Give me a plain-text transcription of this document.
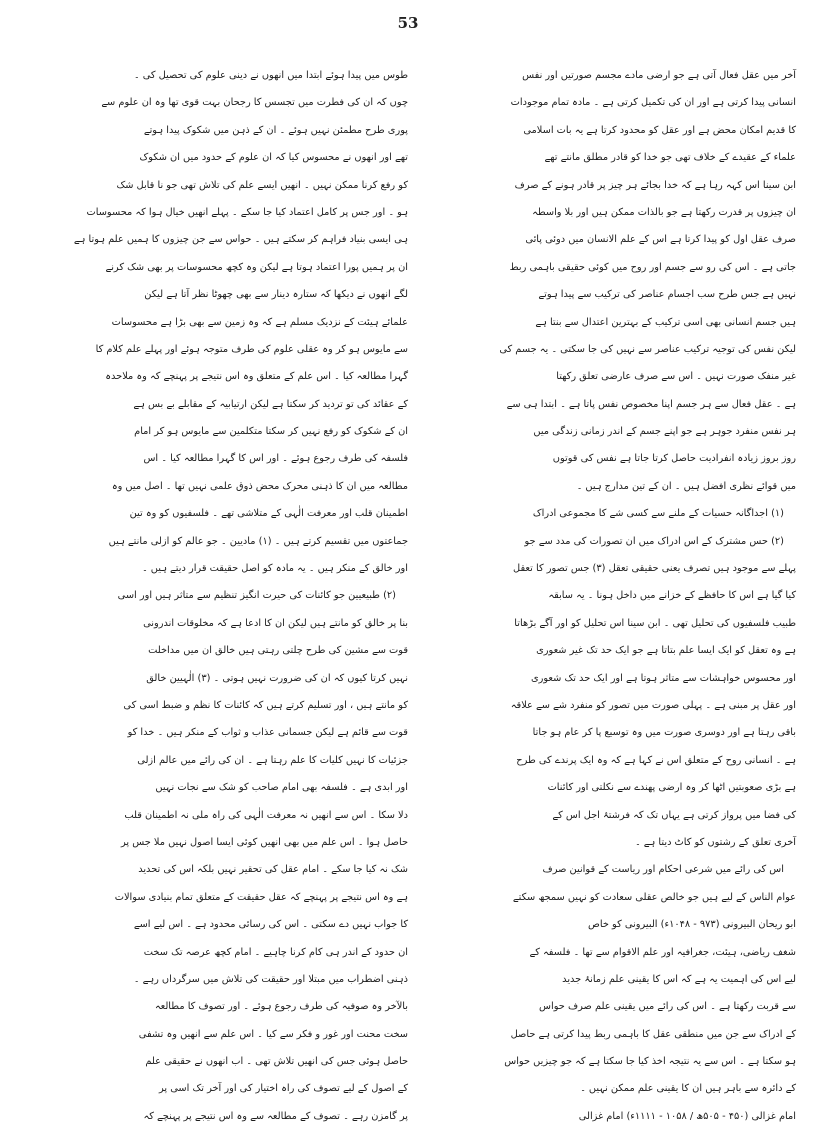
53
آخر میں عقل فعال آتی ہے جو ارضی مادے مجسم صورتیں اور نفس
انسانی پیدا کرتی ہے اور ان کی تکمیل کرتی ہے ۔ مادہ تمام موجودات
کا قدیم امکان محض ہے اور عقل کو محدود کرتا ہے یہ بات اسلامی
علماء کے عقیدے کے خلاف تھی جو خدا کو قادر مطلق مانتے تھے
ابن سینا اس کہہ رہا ہے کہ خدا بجائے ہر چیز پر قادر ہونے کے صرف
ان چیزوں پر قدرت رکھتا ہے جو بالذات ممکن ہیں اور بلا واسطہ
صرف عقل اول کو پیدا کرتا ہے اس کے علم الانسان میں دوئی پائی
جاتی ہے ۔ اس کی رو سے جسم اور روح میں کوئی حقیقی باہمی ربط
نہیں ہے جس طرح سب اجسام عناصر کی ترکیب سے پیدا ہوتے
ہیں جسم انسانی بھی اسی ترکیب کے بہترین اعتدال سے بنتا ہے
لیکن نفس کی توجیہ ترکیب عناصر سے نہیں کی جا سکتی ۔ یہ جسم کی
غیر منفک صورت نہیں ۔ اس سے صرف عارضی تعلق رکھتا
ہے ۔ عقل فعال سے ہر جسم اپنا مخصوص نفس پاتا ہے ۔ ابتدا ہی سے
ہر نفس منفرد جوہر ہے جو اپنے جسم کے اندر زمانی زندگی میں
روز بروز زیادہ انفرادیت حاصل کرتا جاتا ہے نفس کی قوتوں
میں قوائے نظری افضل ہیں ۔ ان کے تین مدارج ہیں ۔
(۱) اجداگانہ حسیات کے ملنے سے کسی شے کا مجموعی ادراک
(۲) حس مشترک کے اس ادراک میں ان تصورات کی مدد سے جو
پہلے سے موجود ہیں تصرف یعنی حقیقی تعقل (۳) جس تصور کا تعقل
کیا گیا ہے اس کا حافظے کے خزانے میں داخل ہونا ۔ یہ سابقہ
طبیب فلسفیوں کی تحلیل تھی ۔ ابن سینا اس تحلیل کو اور آگے بڑھاتا
ہے وہ تعقل کو ایک ایسا علم بتاتا ہے جو ایک حد تک غیر شعوری
اور محسوس خواہشات سے متاثر ہوتا ہے اور ایک حد تک شعوری
اور عقل پر مبنی ہے ۔ پہلی صورت میں تصور کو منفرد شے سے علاقہ
باقی رہتا ہے اور دوسری صورت میں وہ توسیع پا کر عام ہو جاتا
ہے ۔ انسانی روح کے متعلق اس نے کہا ہے کہ وہ ایک پرندے کی طرح
ہے بڑی صعوبتیں اٹھا کر وہ ارضی پھندے سے نکلتی اور کائنات
کی فضا میں پرواز کرتی ہے یہاں تک کہ فرشتۂ اجل اس کے
آخری تعلق کے رشتوں کو کاٹ دیتا ہے ۔
اس کی رائے میں شرعی احکام اور ریاست کے قوانین صرف
عوام الناس کے لیے ہیں جو خالص عقلی سعادت کو نہیں سمجھ سکتے
ابو ریحان البیرونی (۹۷۳ - ۱۰۴۸ء) البیرونی کو خاص
شغف ریاضی، ہیئت، جغرافیہ اور علم الاقوام سے تھا ۔ فلسفہ کے
لیے اس کی اہمیت یہ ہے کہ اس کا یقینی علم زمانۂ جدید
سے قربت رکھتا ہے ۔ اس کی رائے میں یقینی علم صرف حواس
کے ادراک سے جن میں منطقی عقل کا باہمی ربط پیدا کرتی ہے حاصل
ہو سکتا ہے ۔ اس سے یہ نتیجہ اخذ کیا جا سکتا ہے کہ جو چیزیں حواس
کے دائرہ سے باہر ہیں ان کا یقینی علم ممکن نہیں ۔
امام غزالی (۴۵۰ - ۵۰۵ھ / ۱۰۵۸ - ۱۱۱۱ء) امام غزالی
طوس میں پیدا ہوئے ابتدا میں انھوں نے دینی علوم کی تحصیل کی ۔
چوں کہ ان کی فطرت میں تجسس کا رجحان بہت قوی تھا وہ ان علوم سے
پوری طرح مطمئن نہیں ہوئے ۔ ان کے ذہن میں شکوک پیدا ہوتے
تھے اور انھوں نے محسوس کیا کہ ان علوم کے حدود میں ان شکوک
کو رفع کرنا ممکن نہیں ۔ انھیں ایسے علم کی تلاش تھی جو نا قابل شک
ہو ۔ اور جس پر کامل اعتماد کیا جا سکے ۔ پہلے انھیں خیال ہوا کہ محسوسات
ہی ایسی بنیاد فراہم کر سکتے ہیں ۔ حواس سے جن چیزوں کا ہمیں علم ہوتا ہے
ان پر ہمیں پورا اعتماد ہوتا ہے لیکن وہ کچھ محسوسات پر بھی شک کرنے
لگے انھوں نے دیکھا کہ ستارہ دینار سے بھی چھوٹا نظر آتا ہے لیکن
علمائے ہیئت کے نزدیک مسلم ہے کہ وہ زمین سے بھی بڑا ہے محسوسات
سے مایوس ہو کر وہ عقلی علوم کی طرف متوجہ ہوئے اور پہلے علم کلام کا
گہرا مطالعہ کیا ۔ اس علم کے متعلق وہ اس نتیجے پر پہنچے کہ وہ ملاحدہ
کے عقائد کی تو تردید کر سکتا ہے لیکن ارتیابیہ کے مقابلے بے بس ہے
ان کے شکوک کو رفع نہیں کر سکتا متکلمین سے مایوس ہو کر امام
فلسفہ کی طرف رجوع ہوئے ۔ اور اس کا گہرا مطالعہ کیا ۔ اس
مطالعہ میں ان کا ذہنی محرک محض ذوق علمی نہیں تھا ۔ اصل میں وہ
اطمینان قلب اور معرفت الٰہی کے متلاشی تھے ۔ فلسفیوں کو وہ تین
جماعتوں میں تقسیم کرتے ہیں ۔ (۱) مادیین ۔ جو عالم کو ازلی مانتے ہیں
اور خالق کے منکر ہیں ۔ یہ مادہ کو اصل حقیقت قرار دیتے ہیں ۔
(۲) طبیعیین جو کائنات کی حیرت انگیز تنظیم سے متاثر ہیں اور اسی
بنا پر خالق کو مانتے ہیں لیکن ان کا ادعا ہے کہ مخلوقات اندرونی
قوت سے مشین کی طرح چلتی رہتی ہیں خالق ان میں مداخلت
نہیں کرتا کیوں کہ ان کی ضرورت نہیں ہوتی ۔ (۳) الٰہیین خالق
کو مانتے ہیں ، اور تسلیم کرتے ہیں کہ کائنات کا نظم و ضبط اسی کی
قوت سے قائم ہے لیکن جسمانی عذاب و ثواب کے منکر ہیں ۔ خدا کو
جزئیات کا نہیں کلیات کا علم رہتا ہے ۔ ان کی رائے میں عالم ازلی
اور ابدی ہے ۔ فلسفہ بھی امام صاحب کو شک سے نجات نہیں
دلا سکا ۔ اس سے انھیں نہ معرفت الٰہی کی راہ ملی نہ اطمینان قلب
حاصل ہوا ۔ اس علم میں بھی انھیں کوئی ایسا اصول نہیں ملا جس پر
شک نہ کیا جا سکے ۔ امام عقل کی تحقیر نہیں بلکہ اس کی تحدید
ہے وہ اس نتیجے پر پہنچے کہ عقل حقیقت کے متعلق تمام بنیادی سوالات
کا جواب نہیں دے سکتی ۔ اس کی رسائی محدود ہے ۔ اس لیے اسے
ان حدود کے اندر ہی کام کرنا چاہیے ۔ امام کچھ عرصہ تک سخت
ذہنی اضطراب میں مبتلا اور حقیقت کی تلاش میں سرگرداں رہے ۔
بالآخر وہ صوفیہ کی طرف رجوع ہوئے ۔ اور تصوف کا مطالعہ
سخت محنت اور غور و فکر سے کیا ۔ اس علم سے انھیں وہ تشفی
حاصل ہوئی جس کی انھیں تلاش تھی ۔ اب انھوں نے حقیقی علم
کے اصول کے لیے تصوف کی راہ اختیار کی اور آخر تک اسی پر
پر گامزن رہے ۔ تصوف کے مطالعہ سے وہ اس نتیجے پر پہنچے کہ
